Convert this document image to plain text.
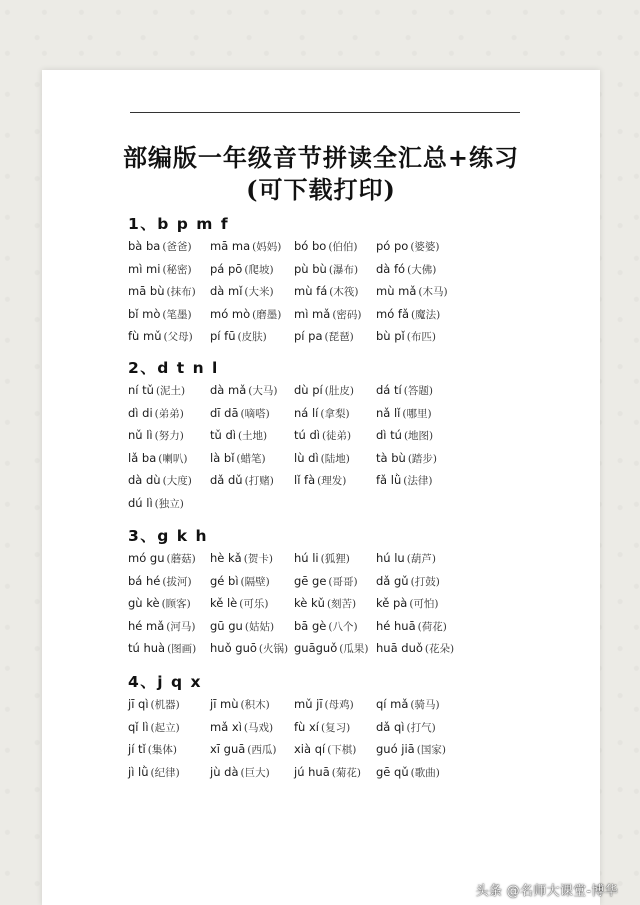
部编版一年级音节拼读全汇总+练习
(可下载打印)
1、b p m f
bà ba (爸爸) mā ma (妈妈) bó bo (伯伯) pó po (婆婆)
mì mi (秘密) pá pō (爬坡) pù bù (瀑布) dà fó (大佛)
mā bù (抹布) dà mǐ (大米) mù fá (木筏) mù mǎ (木马)
bǐ mò (笔墨) mó mò (磨墨) mì mǎ (密码) mó fǎ (魔法)
fù mǔ (父母) pí fū (皮肤) pí pa (琵琶) bù pǐ (布匹)
2、d t n l
ní tǔ (泥土) dà mǎ (大马) dù pí (肚皮) dá tí (答题)
dì di (弟弟) dī dā (嘀嗒) ná lí (拿梨) nǎ lǐ (哪里)
nǔ lì (努力) tǔ dì (土地) tú dì (徒弟) dì tú (地图)
lǎ ba (喇叭) là bǐ (蜡笔) lù dì (陆地) tà bù (踏步)
dà dù (大度) dǎ dǔ (打赌) lǐ fà (理发)	fǎ lǜ (法律)
dú lì (独立)
3、g k h
mó gu (蘑菇) hè kǎ (贺卡) hú li (狐狸) hú lu (葫芦)
bá hé (拔河) gé bì (隔壁) gē ge (哥哥) dǎ gǔ (打鼓)
gù kè (顾客) kě lè (可乐) kè kǔ (刻苦) kě pà (可怕)
hé mǎ (河马) gū gu (姑姑) bā gè (八个) hé huā (荷花)
tú huà (图画) huǒ guō (火锅) guāguǒ (瓜果) huā duǒ (花朵)
4、j q x
jī qì (机器)	jī mù (积木) mǔ jī (母鸡) qí mǎ (骑马)
qǐ lì (起立)	mǎ xì (马戏) fù xí (复习) dǎ qì (打气)
jí tǐ (集体)	xī guā (西瓜) xià qí (下棋) guó jiā (国家)
jì lǜ (纪律)	jù dà (巨大) jú huā (菊花) gē qǔ (歌曲)
头条 @名师大课堂-博华
